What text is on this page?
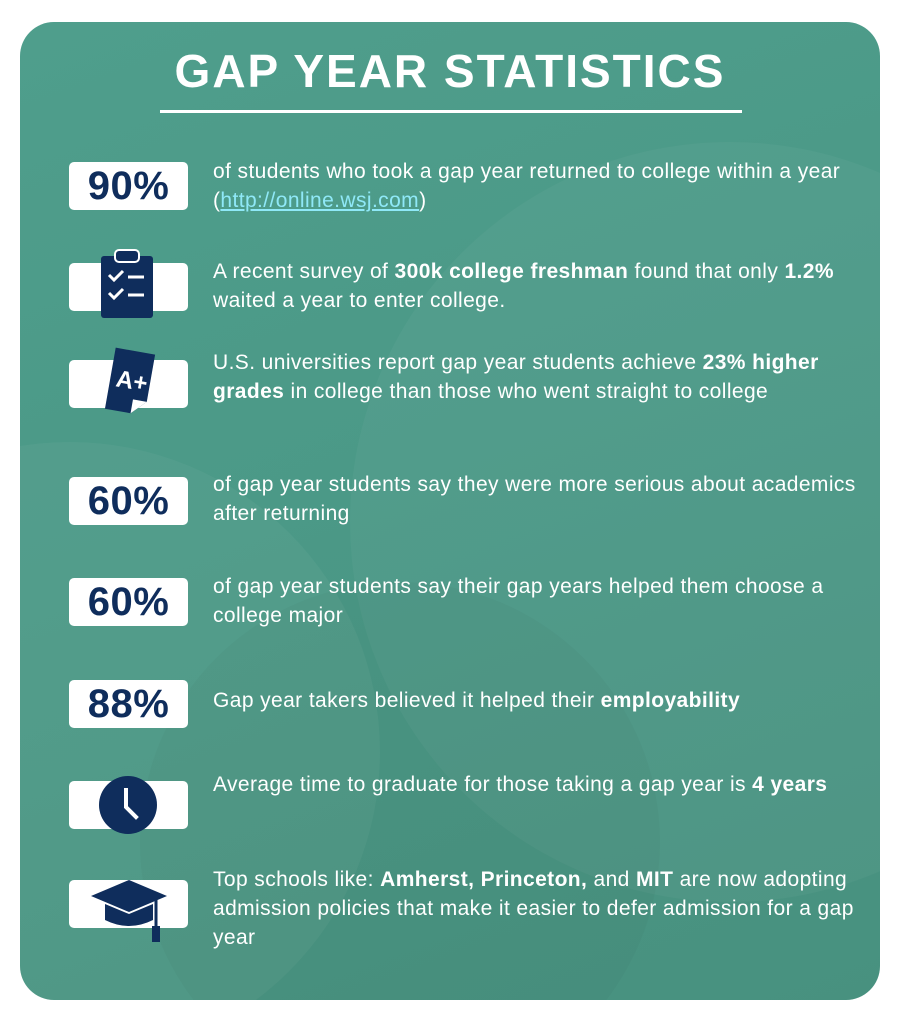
GAP YEAR STATISTICS
90%	of students who took a gap year returned to college within a year (http://online.wsj.com)

A recent survey of 300k college freshman found that only 1.2% waited a year to enter college.

A+

U.S. universities report gap year students achieve 23% higher grades in college than those who went straight to college

60%	of gap year students say they were more serious about academics after returning

60%	of gap year students say their gap years helped them choose a college major

88%	Gap year takers believed it helped their employability

Average time to graduate for those taking a gap year is 4 years

Top schools like: Amherst, Princeton, and MIT are now adopting admission policies that make it easier to defer admission for a gap year
